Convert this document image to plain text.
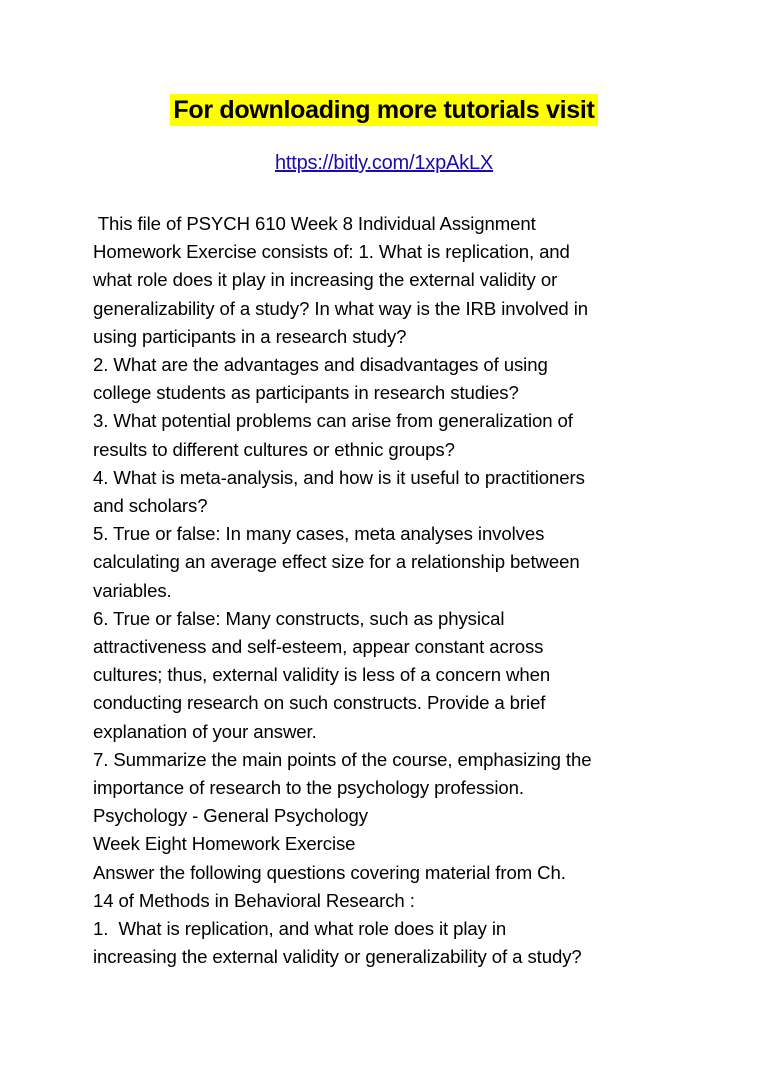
For downloading more tutorials visit
https://bitly.com/1xpAkLX
This file of PSYCH 610 Week 8 Individual Assignment
Homework Exercise consists of: 1. What is replication, and
what role does it play in increasing the external validity or
generalizability of a study? In what way is the IRB involved in
using participants in a research study?
2. What are the advantages and disadvantages of using
college students as participants in research studies?
3. What potential problems can arise from generalization of
results to different cultures or ethnic groups?
4. What is meta-analysis, and how is it useful to practitioners
and scholars?
5. True or false: In many cases, meta analyses involves
calculating an average effect size for a relationship between
variables.
6. True or false: Many constructs, such as physical
attractiveness and self-esteem, appear constant across
cultures; thus, external validity is less of a concern when
conducting research on such constructs. Provide a brief
explanation of your answer.
7. Summarize the main points of the course, emphasizing the
importance of research to the psychology profession.
Psychology - General Psychology
Week Eight Homework Exercise
Answer the following questions covering material from Ch.
14 of Methods in Behavioral Research :
1.  What is replication, and what role does it play in
increasing the external validity or generalizability of a study?
